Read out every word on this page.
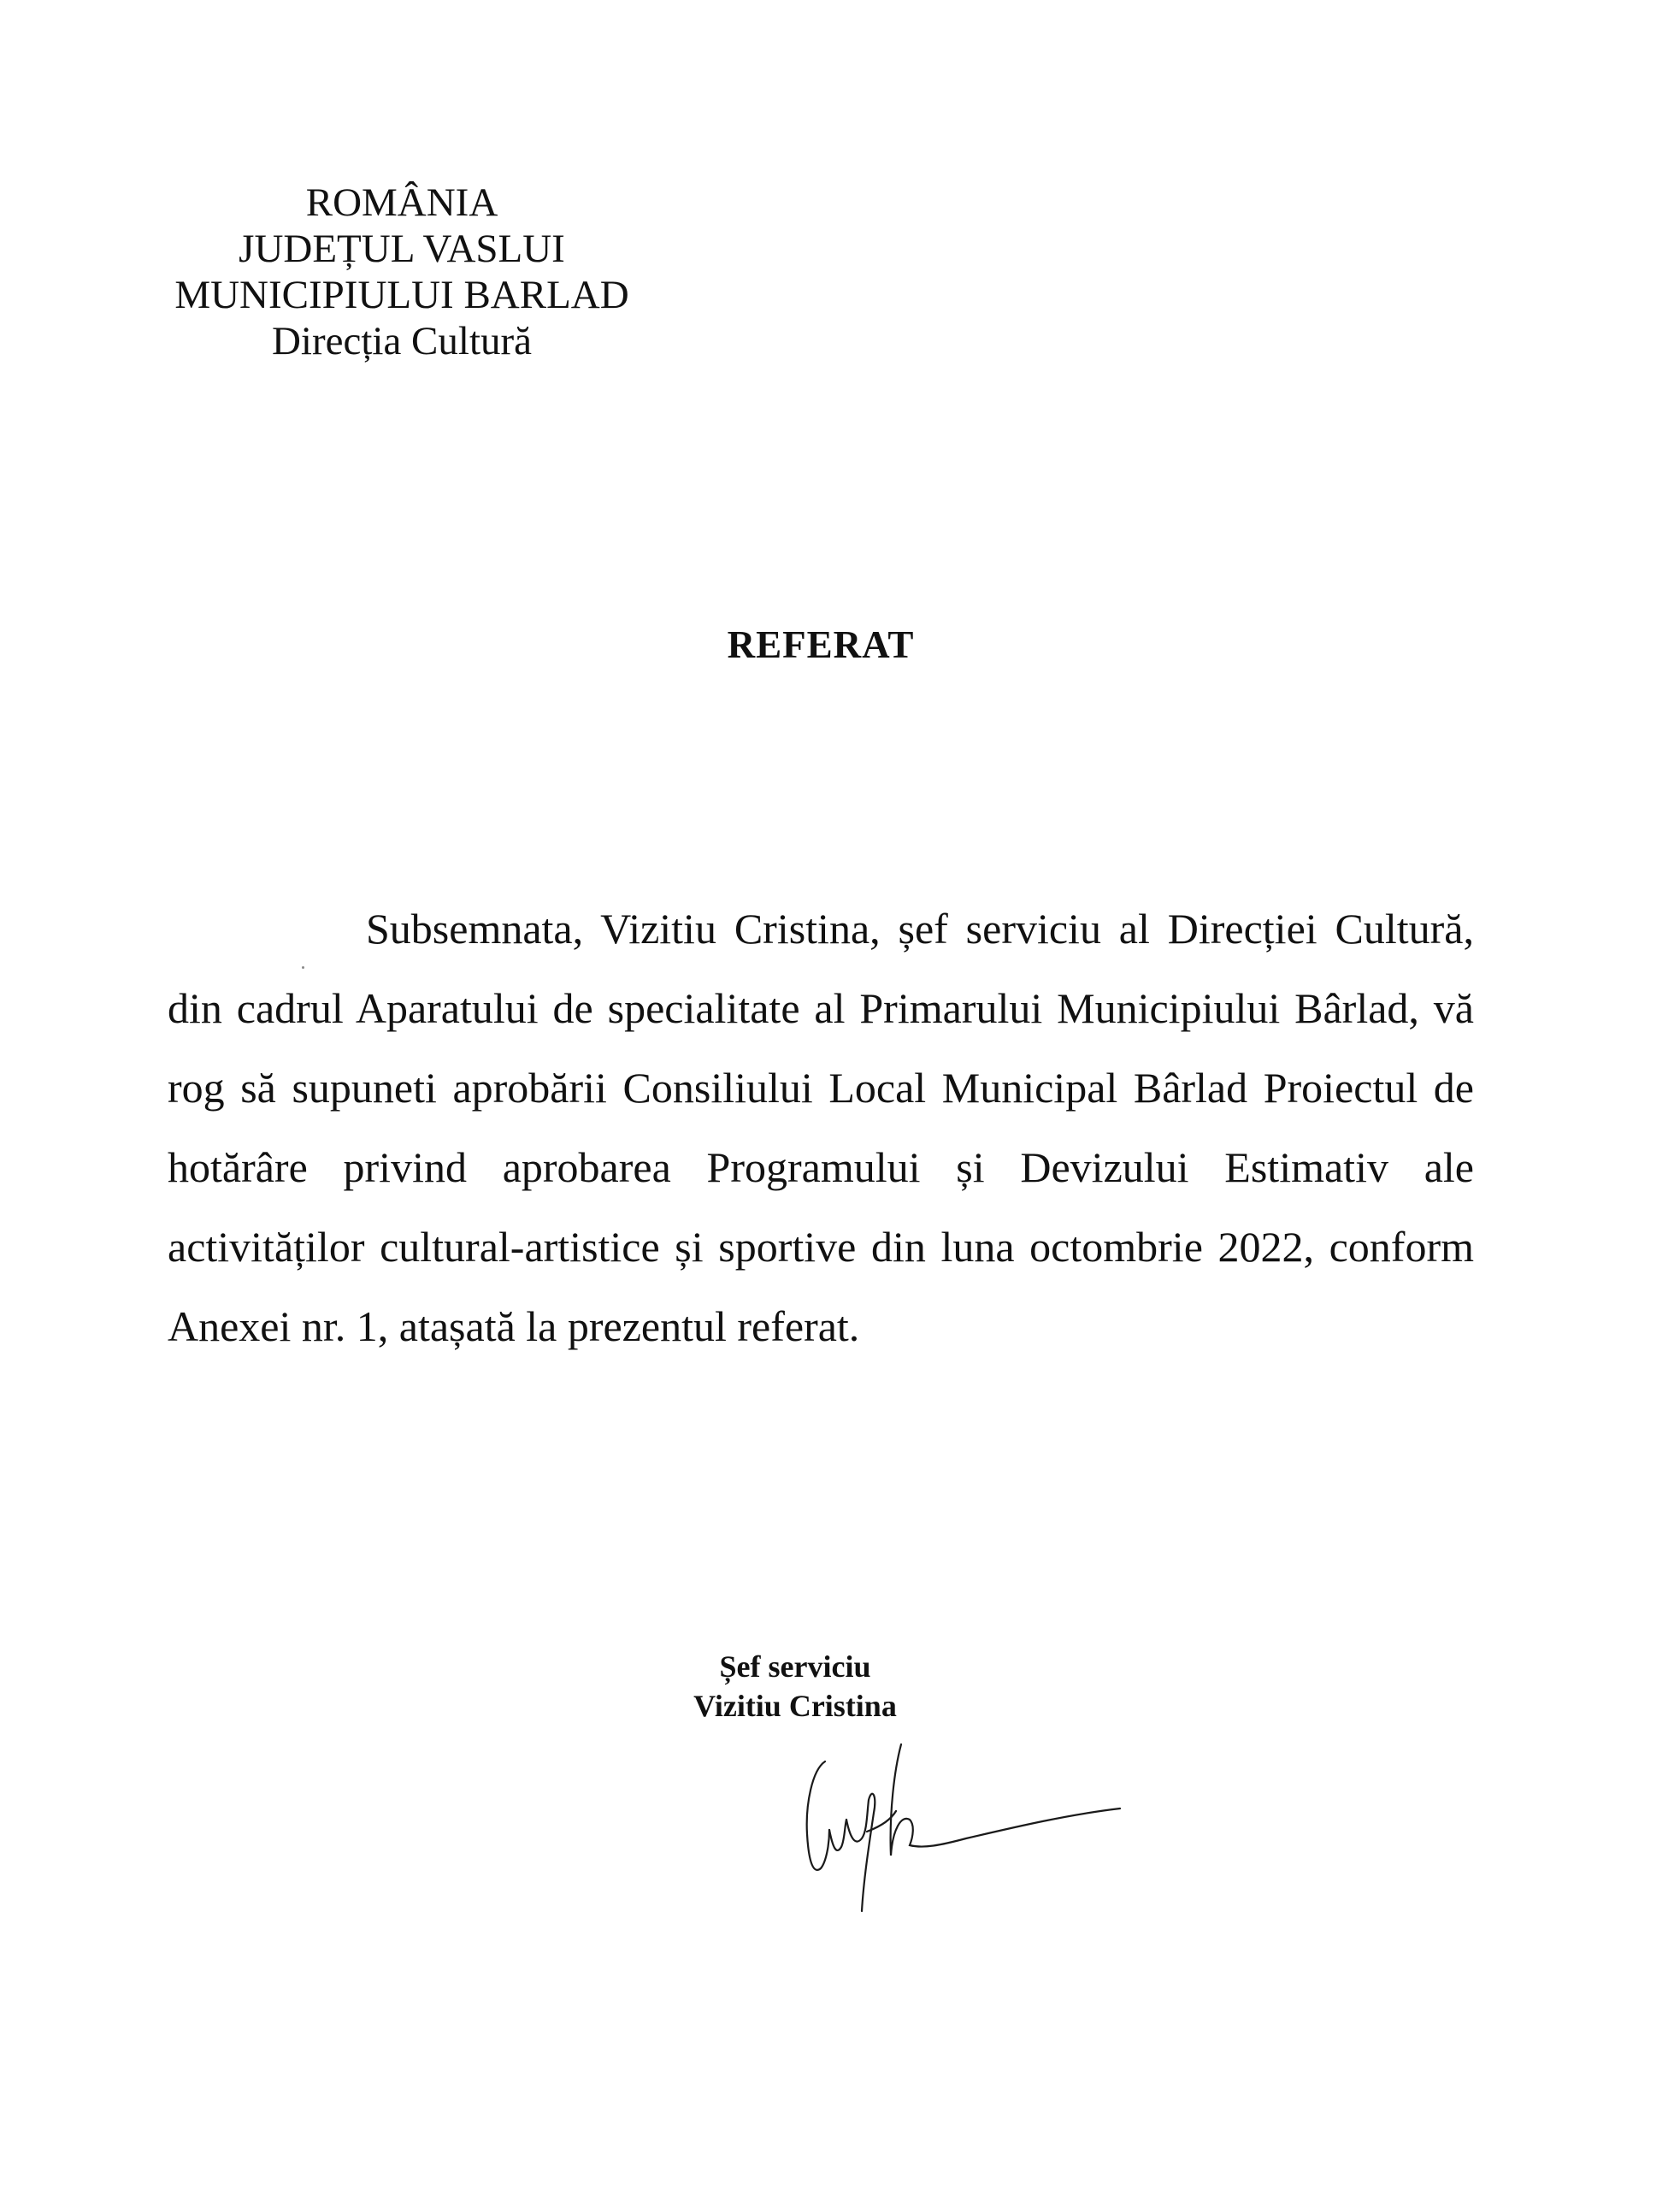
ROMÂNIA
JUDEȚUL VASLUI
MUNICIPIULUI BARLAD
Direcția Cultură
REFERAT
Subsemnata, Vizitiu Cristina, șef serviciu al Direcției Cultură, din cadrul Aparatului de specialitate al Primarului Municipiului Bârlad, vă rog să supuneti aprobării Consiliului Local Municipal Bârlad Proiectul de hotărâre privind aprobarea Programului și Devizului Estimativ ale activităților cultural-artistice și sportive din luna octombrie 2022, conform Anexei nr. 1, atașată la prezentul referat.
Șef serviciu
Vizitiu Cristina
